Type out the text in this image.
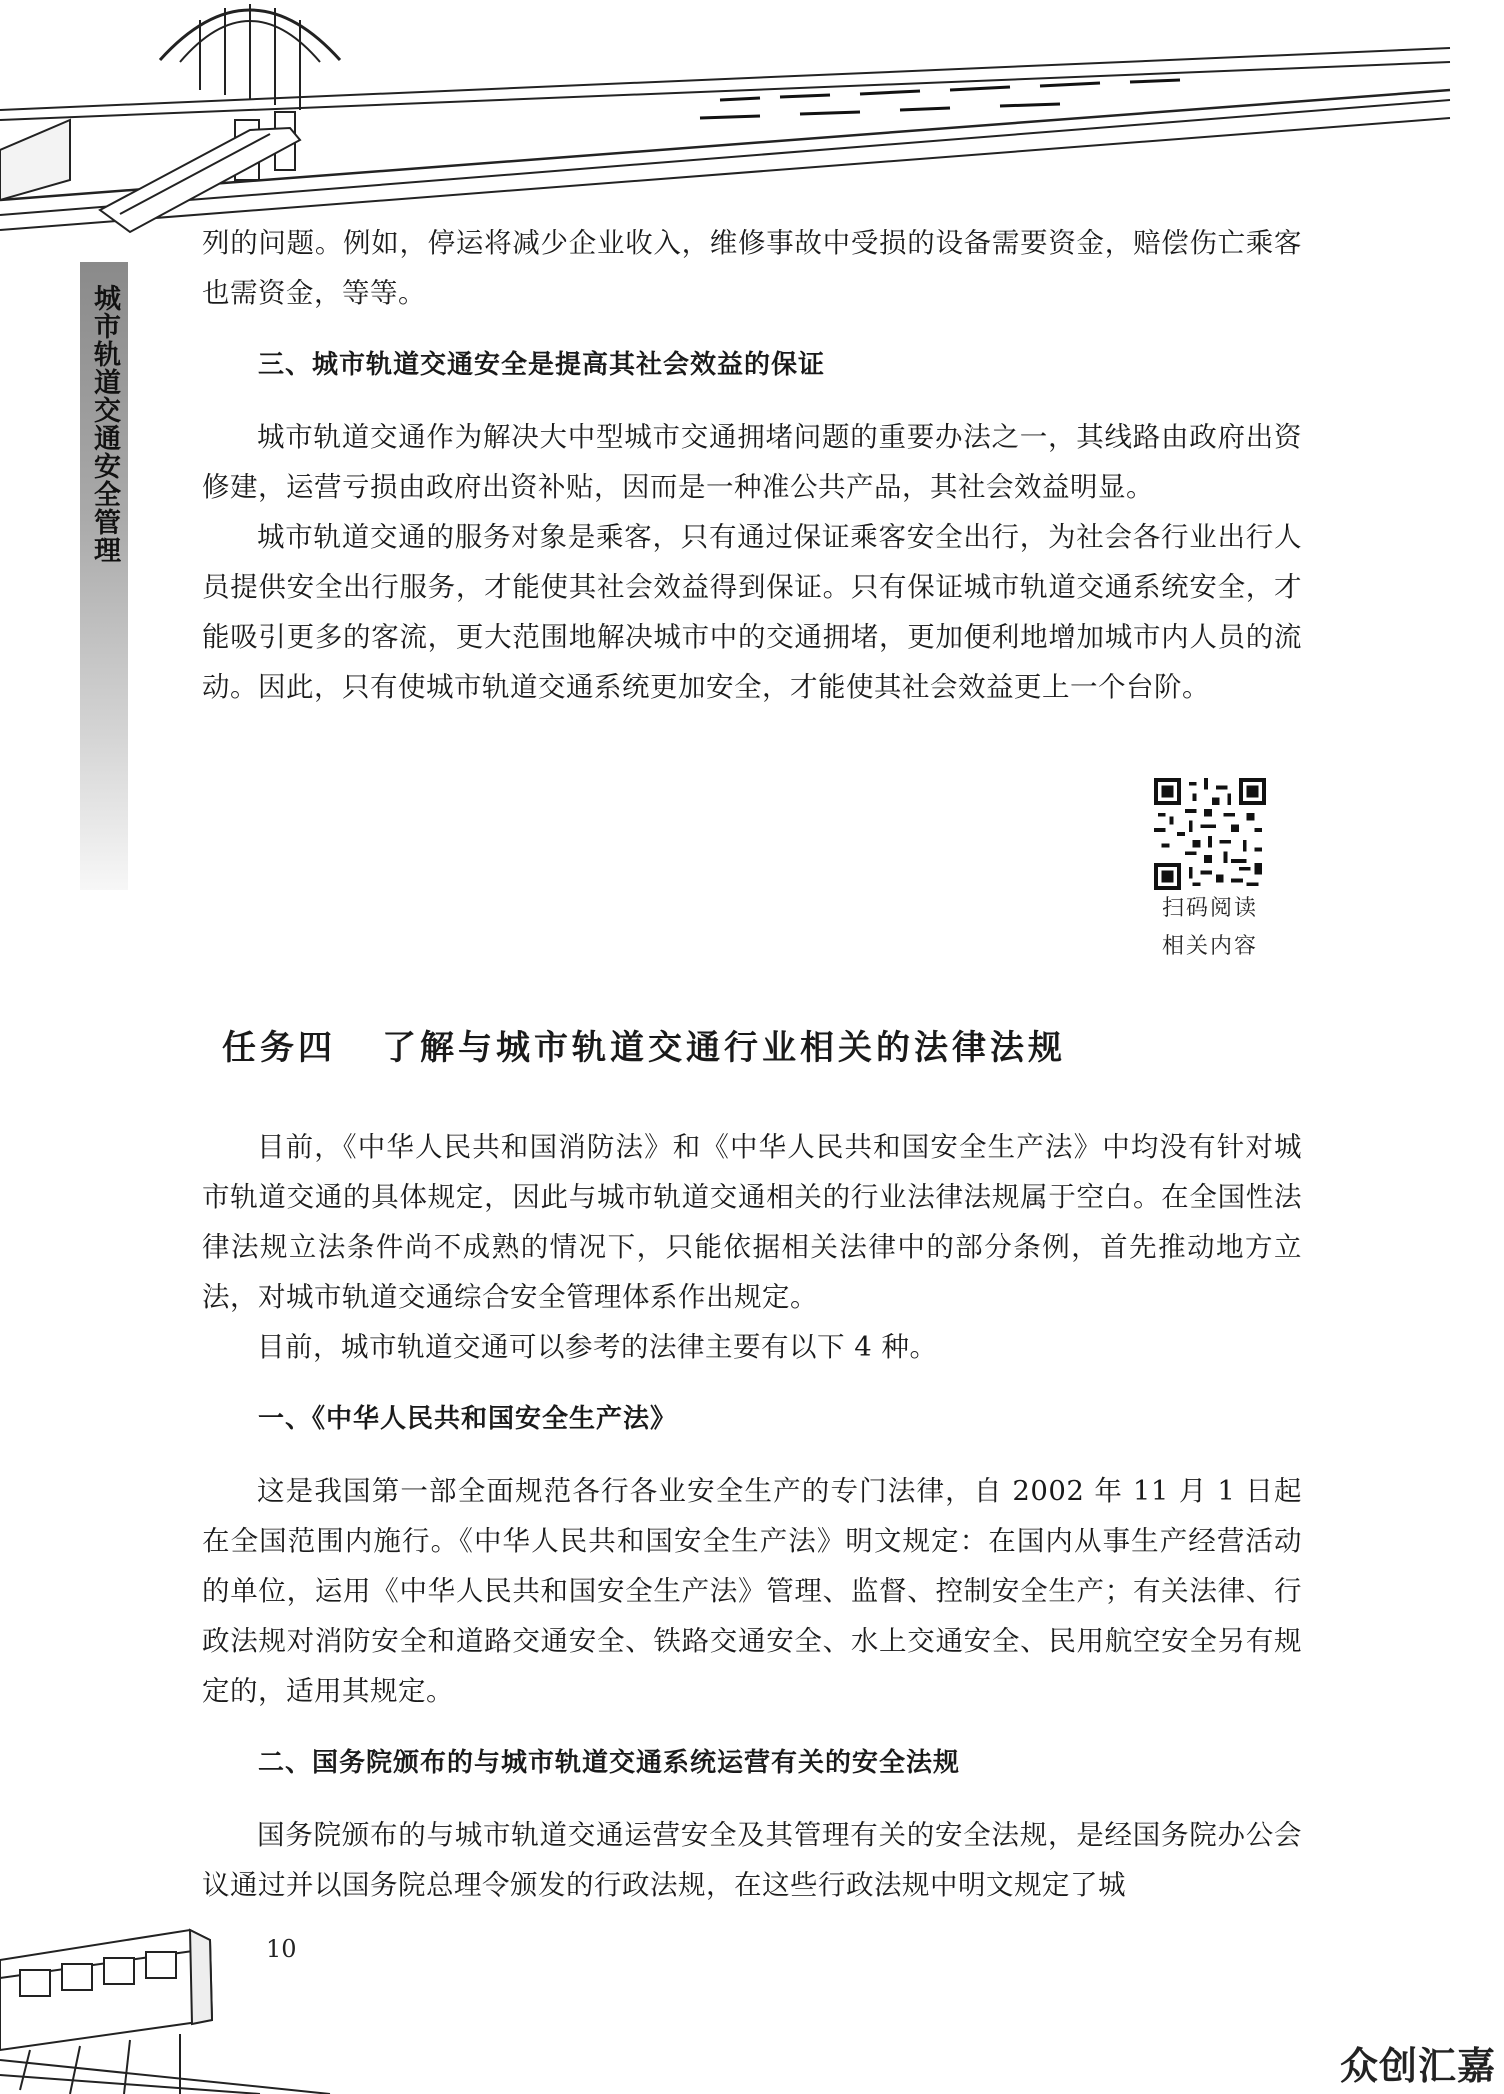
城市轨道交通安全管理

列的问题。例如，停运将减少企业收入，维修事故中受损的设备需要资金，赔偿伤亡乘客也需资金，等等。

三、城市轨道交通安全是提高其社会效益的保证

城市轨道交通作为解决大中型城市交通拥堵问题的重要办法之一，其线路由政府出资修建，运营亏损由政府出资补贴，因而是一种准公共产品，其社会效益明显。

城市轨道交通的服务对象是乘客，只有通过保证乘客安全出行，为社会各行业出行人员提供安全出行服务，才能使其社会效益得到保证。只有保证城市轨道交通系统安全，才能吸引更多的客流，更大范围地解决城市中的交通拥堵，更加便利地增加城市内人员的流动。因此，只有使城市轨道交通系统更加安全，才能使其社会效益更上一个台阶。

扫码阅读
相关内容
任务四 了解与城市轨道交通行业相关的法律法规

目前，《中华人民共和国消防法》和《中华人民共和国安全生产法》中均没有针对城市轨道交通的具体规定，因此与城市轨道交通相关的行业法律法规属于空白。在全国性法律法规立法条件尚不成熟的情况下，只能依据相关法律中的部分条例，首先推动地方立法，对城市轨道交通综合安全管理体系作出规定。

目前，城市轨道交通可以参考的法律主要有以下 4 种。

一、《中华人民共和国安全生产法》

这是我国第一部全面规范各行各业安全生产的专门法律，自 2002 年 11 月 1 日起在全国范围内施行。《中华人民共和国安全生产法》明文规定：在国内从事生产经营活动的单位，运用《中华人民共和国安全生产法》管理、监督、控制安全生产；有关法律、行政法规对消防安全和道路交通安全、铁路交通安全、水上交通安全、民用航空安全另有规定的，适用其规定。

二、国务院颁布的与城市轨道交通系统运营有关的安全法规

国务院颁布的与城市轨道交通运营安全及其管理有关的安全法规，是经国务院办公会议通过并以国务院总理令颁发的行政法规，在这些行政法规中明文规定了城

10
众创汇嘉
